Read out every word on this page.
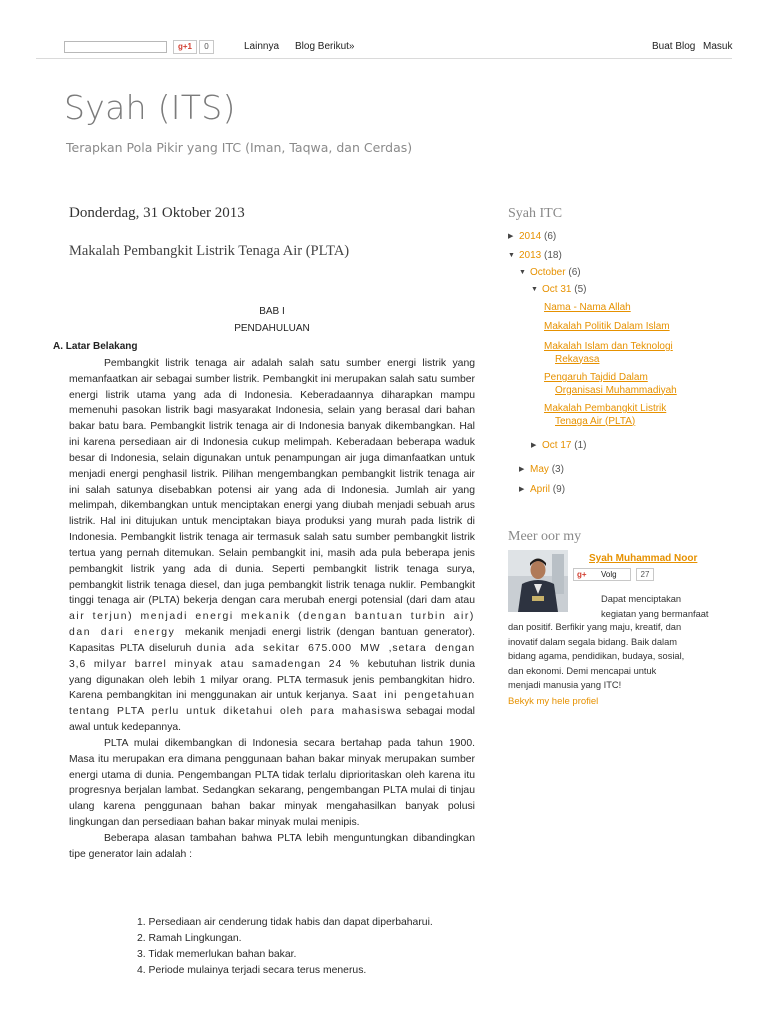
g+1	0	Lainnya Blog Berikut»	Buat Blog Masuk
Syah (ITS)
Terapkan Pola Pikir yang ITC (Iman, Taqwa, dan Cerdas)
Donderdag, 31 Oktober 2013
Makalah Pembangkit Listrik Tenaga Air (PLTA)
BAB I
PENDAHULUAN
A. Latar Belakang

Pembangkit listrik tenaga air adalah salah satu sumber energi listrik yang memanfaatkan air sebagai sumber listrik. Pembangkit ini merupakan salah satu sumber energi listrik utama yang ada di Indonesia. Keberadaannya diharapkan mampu memenuhi pasokan listrik bagi masyarakat Indonesia, selain yang berasal dari bahan bakar batu bara. Pembangkit listrik tenaga air di Indonesia banyak dikembangkan. Hal ini karena persediaan air di Indonesia cukup melimpah. Keberadaan beberapa waduk besar di Indonesia, selain digunakan untuk penampungan air juga dimanfaatkan untuk menjadi energi penghasil listrik. Pilihan mengembangkan pembangkit listrik tenaga air ini salah satunya disebabkan potensi air yang ada di Indonesia. Jumlah air yang melimpah, dikembangkan untuk menciptakan energi yang diubah menjadi sebuah arus listrik. Hal ini ditujukan untuk menciptakan biaya produksi yang murah pada listrik di Indonesia. Pembangkit listrik tenaga air termasuk salah satu sumber pembangkit listrik tertua yang pernah ditemukan. Selain pembangkit ini, masih ada pula beberapa jenis pembangkit listrik yang ada di dunia. Seperti pembangkit listrik tenaga surya, pembangkit listrik tenaga diesel, dan juga pembangkit listrik tenaga nuklir. Pembangkit tinggi tenaga air (PLTA) bekerja dengan cara merubah energi potensial (dari dam atau air terjun) menjadi energi mekanik (dengan bantuan turbin air) dan dari energy mekanik menjadi energi listrik (dengan bantuan generator). Kapasitas PLTA diseluruh dunia ada sekitar 675.000 MW ,setara dengan 3,6 milyar barrel minyak atau samadengan 24 % kebutuhan listrik dunia yang digunakan oleh lebih 1 milyar orang. PLTA termasuk jenis pembangkitan hidro. Karena pembangkitan ini menggunakan air untuk kerjanya. Saat ini pengetahuan tentang PLTA perlu untuk diketahui oleh para mahasiswa sebagai modal awal untuk kedepannya.

PLTA mulai dikembangkan di Indonesia secara bertahap pada tahun 1900. Masa itu merupakan era dimana penggunaan bahan bakar minyak merupakan sumber energi utama di dunia. Pengembangan PLTA tidak terlalu diprioritaskan oleh karena itu progresnya berjalan lambat. Sedangkan sekarang, pengembangan PLTA mulai di tinjau ulang karena penggunaan bahan bakar minyak mengahasilkan banyak polusi lingkungan dan persediaan bahan bakar minyak mulai menipis.

Beberapa alasan tambahan bahwa PLTA lebih menguntungkan dibandingkan tipe generator lain adalah :

1. Persediaan air cenderung tidak habis dan dapat diperbaharui.
2. Ramah Lingkungan.
3. Tidak memerlukan bahan bakar.
4. Periode mulainya terjadi secara terus menerus.
Syah ITC
▶ 2014 (6)
▼ 2013 (18)
▼ October (6)
▼ Oct 31 (5)
Nama - Nama Allah
Makalah Politik Dalam Islam
Makalah Islam dan Teknologi
Rekayasa
Pengaruh Tajdid Dalam
Organisasi Muhammadiyah
Makalah Pembangkit Listrik
Tenaga Air (PLTA)
▶ Oct 17 (1)
▶ May (3)
▶ April (9)
Meer oor my
Syah Muhammad Noor
g+ Volg	27
Dapat menciptakan
kegiatan yang bermanfaat
dan positif. Berfikir yang maju, kreatif, dan
inovatif dalam segala bidang. Baik dalam
bidang agama, pendidikan, budaya, sosial,
dan ekonomi. Demi mencapai untuk
menjadi manusia yang ITC!
Bekyk my hele profiel
